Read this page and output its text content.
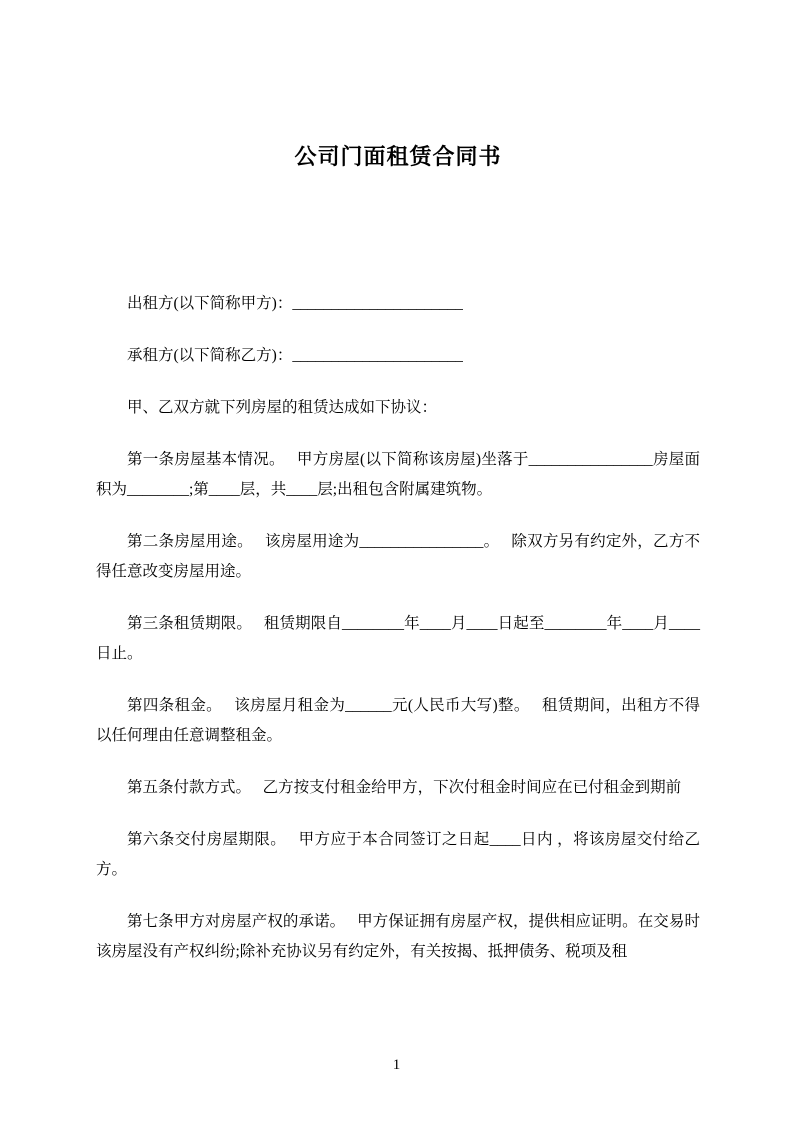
公司门面租赁合同书
出租方(以下简称甲方)：______________________
承租方(以下简称乙方)：______________________
甲、乙双方就下列房屋的租赁达成如下协议：
第一条房屋基本情况。　 甲方房屋(以下简称该房屋)坐落于________________房屋面积为________;第____层，共____层;出租包含附属建筑物。
第二条房屋用途。　 该房屋用途为________________。　 除双方另有约定外，乙方不得任意改变房屋用途。
第三条租赁期限。　 租赁期限自________年____月____日起至________年____月____日止。
第四条租金。　 该房屋月租金为______元(人民币大写)整。　 租赁期间，出租方不得以任何理由任意调整租金。
第五条付款方式。　 乙方按支付租金给甲方，下次付租金时间应在已付租金到期前
第六条交付房屋期限。　 甲方应于本合同签订之日起____日内 ，将该房屋交付给乙方。
第七条甲方对房屋产权的承诺。　 甲方保证拥有房屋产权，提供相应证明。在交易时该房屋没有产权纠纷;除补充协议另有约定外，有关按揭、抵押债务、税项及租
1
